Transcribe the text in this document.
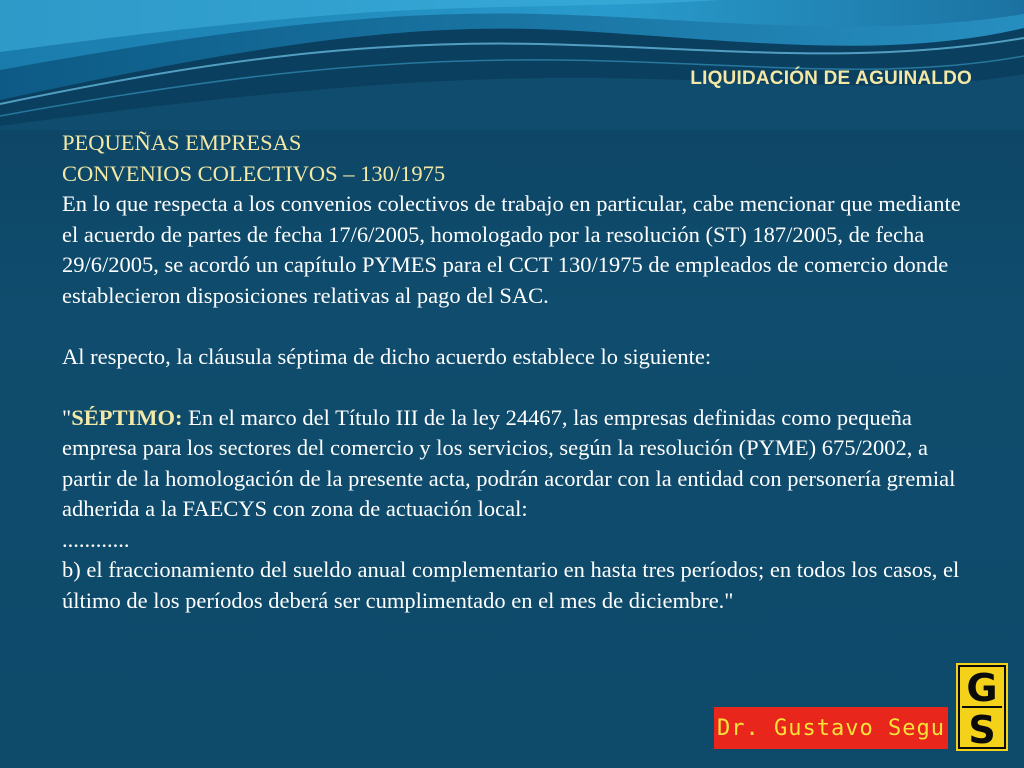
LIQUIDACIÓN DE AGUINALDO

PEQUEÑAS EMPRESAS

CONVENIOS COLECTIVOS – 130/1975

En lo que respecta a los convenios colectivos de trabajo en particular, cabe mencionar que mediante el acuerdo de partes de fecha 17/6/2005, homologado por la resolución (ST) 187/2005, de fecha 29/6/2005, se acordó un capítulo PYMES para el CCT 130/1975 de empleados de comercio donde establecieron disposiciones relativas al pago del SAC.

Al respecto, la cláusula séptima de dicho acuerdo establece lo siguiente:

"SÉPTIMO: En el marco del Título III de la ley 24467, las empresas definidas como pequeña empresa para los sectores del comercio y los servicios, según la resolución (PYME) 675/2002, a partir de la homologación de la presente acta, podrán acordar con la entidad con personería gremial adherida a la FAECYS con zona de actuación local:

............

b) el fraccionamiento del sueldo anual complementario en hasta tres períodos; en todos los casos, el último de los períodos deberá ser cumplimentado en el mes de diciembre."

Dr. Gustavo Segu
G
S
